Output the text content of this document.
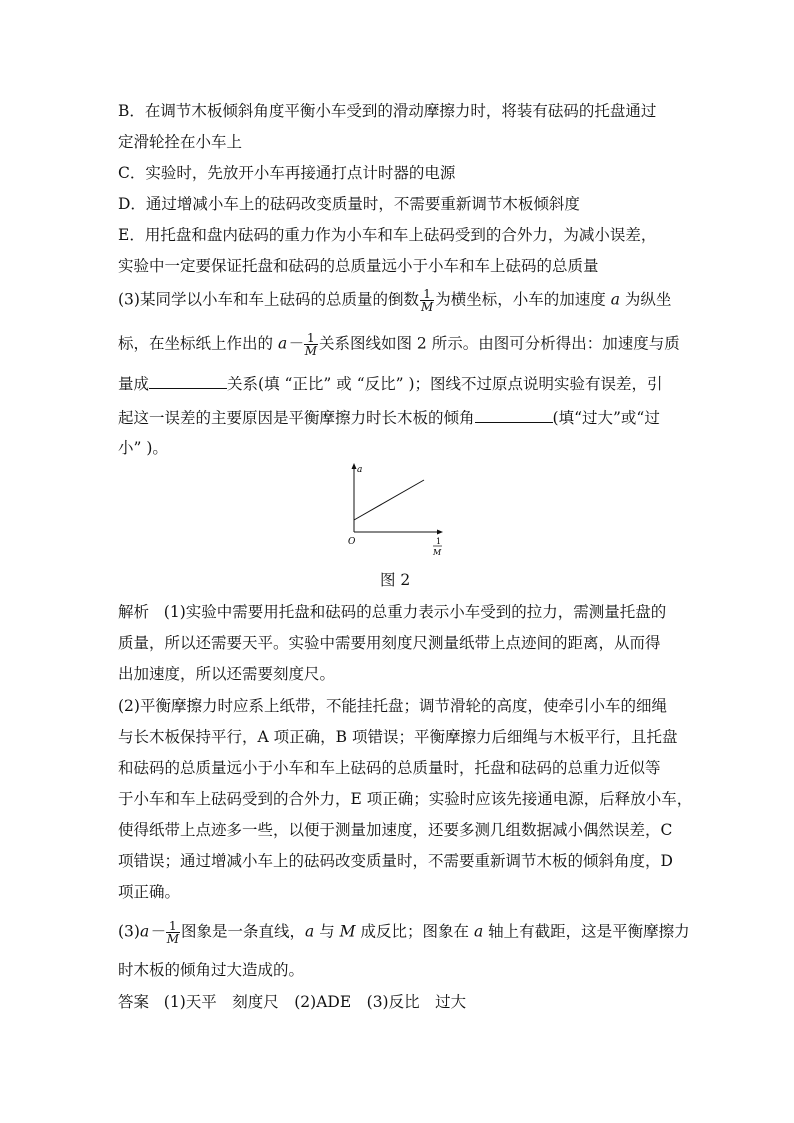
B．在调节木板倾斜角度平衡小车受到的滑动摩擦力时，将装有砝码的托盘通过
定滑轮拴在小车上
C．实验时，先放开小车再接通打点计时器的电源
D．通过增减小车上的砝码改变质量时，不需要重新调节木板倾斜度
E．用托盘和盘内砝码的重力作为小车和车上砝码受到的合外力，为减小误差，
实验中一定要保证托盘和砝码的总质量远小于小车和车上砝码的总质量
(3)某同学以小车和车上砝码的总质量的倒数 $\frac{1}{M}$ 为横坐标，小车的加速度 a 为纵坐
标，在坐标纸上作出的 $a- \frac{1}{M}$ 关系图线如图 2 所示。由图可分析得出：加速度与质
量成	关系(填 “正比” 或 “反比” )；图线不过原点说明实验有误差，引
起这一误差的主要原因是平衡摩擦力时长木板的倾角	(填“过大”或“过
小” )。
a
O	1
M
图 2
解析 (1)实验中需要用托盘和砝码的总重力表示小车受到的拉力，需测量托盘的
质量，所以还需要天平。实验中需要用刻度尺测量纸带上点迹间的距离，从而得
出加速度，所以还需要刻度尺。
(2)平衡摩擦力时应系上纸带，不能挂托盘；调节滑轮的高度，使牵引小车的细绳
与长木板保持平行，A 项正确，B 项错误；平衡摩擦力后细绳与木板平行，且托盘
和砝码的总质量远小于小车和车上砝码的总质量时，托盘和砝码的总重力近似等
于小车和车上砝码受到的合外力，E 项正确；实验时应该先接通电源，后释放小车，
使得纸带上点迹多一些，以便于测量加速度，还要多测几组数据减小偶然误差，C
项错误；通过增减小车上的砝码改变质量时，不需要重新调节木板的倾斜角度，D
项正确。
$(3)a- \frac{1}{M}$ 图象是一条直线，a 与 M 成反比；图象在 a 轴上有截距，这是平衡摩擦力
时木板的倾角过大造成的。
答案 (1)天平　刻度尺　(2)ADE　(3)反比　过大
